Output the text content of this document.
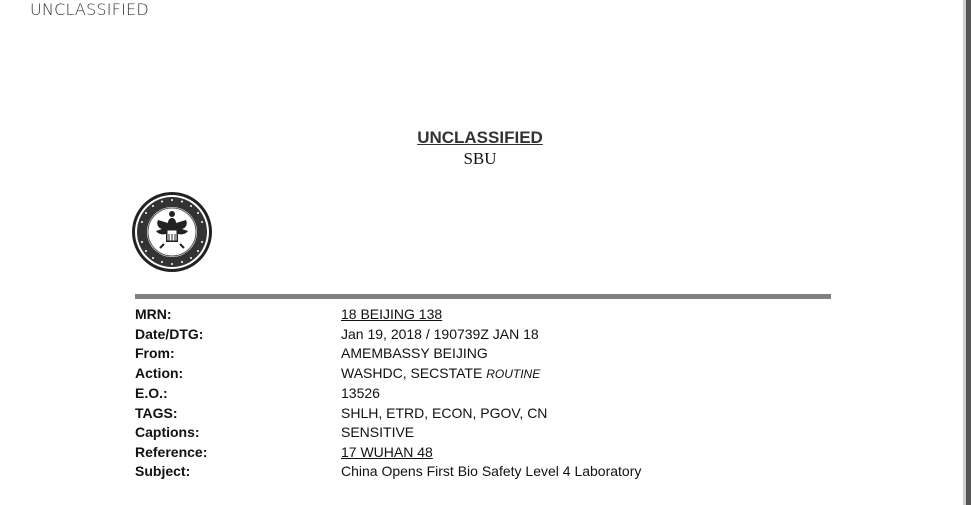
UNCLASSIFIED
UNCLASSIFIED
SBU
MRN:	18 BEIJING 138
Date/DTG:	Jan 19, 2018 / 190739Z JAN 18
From:	AMEMBASSY BEIJING
Action:	WASHDC, SECSTATE ROUTINE
E.O.:	13526
TAGS:	SHLH, ETRD, ECON, PGOV, CN
Captions:	SENSITIVE
Reference:	17 WUHAN 48
Subject:	China Opens First Bio Safety Level 4 Laboratory
